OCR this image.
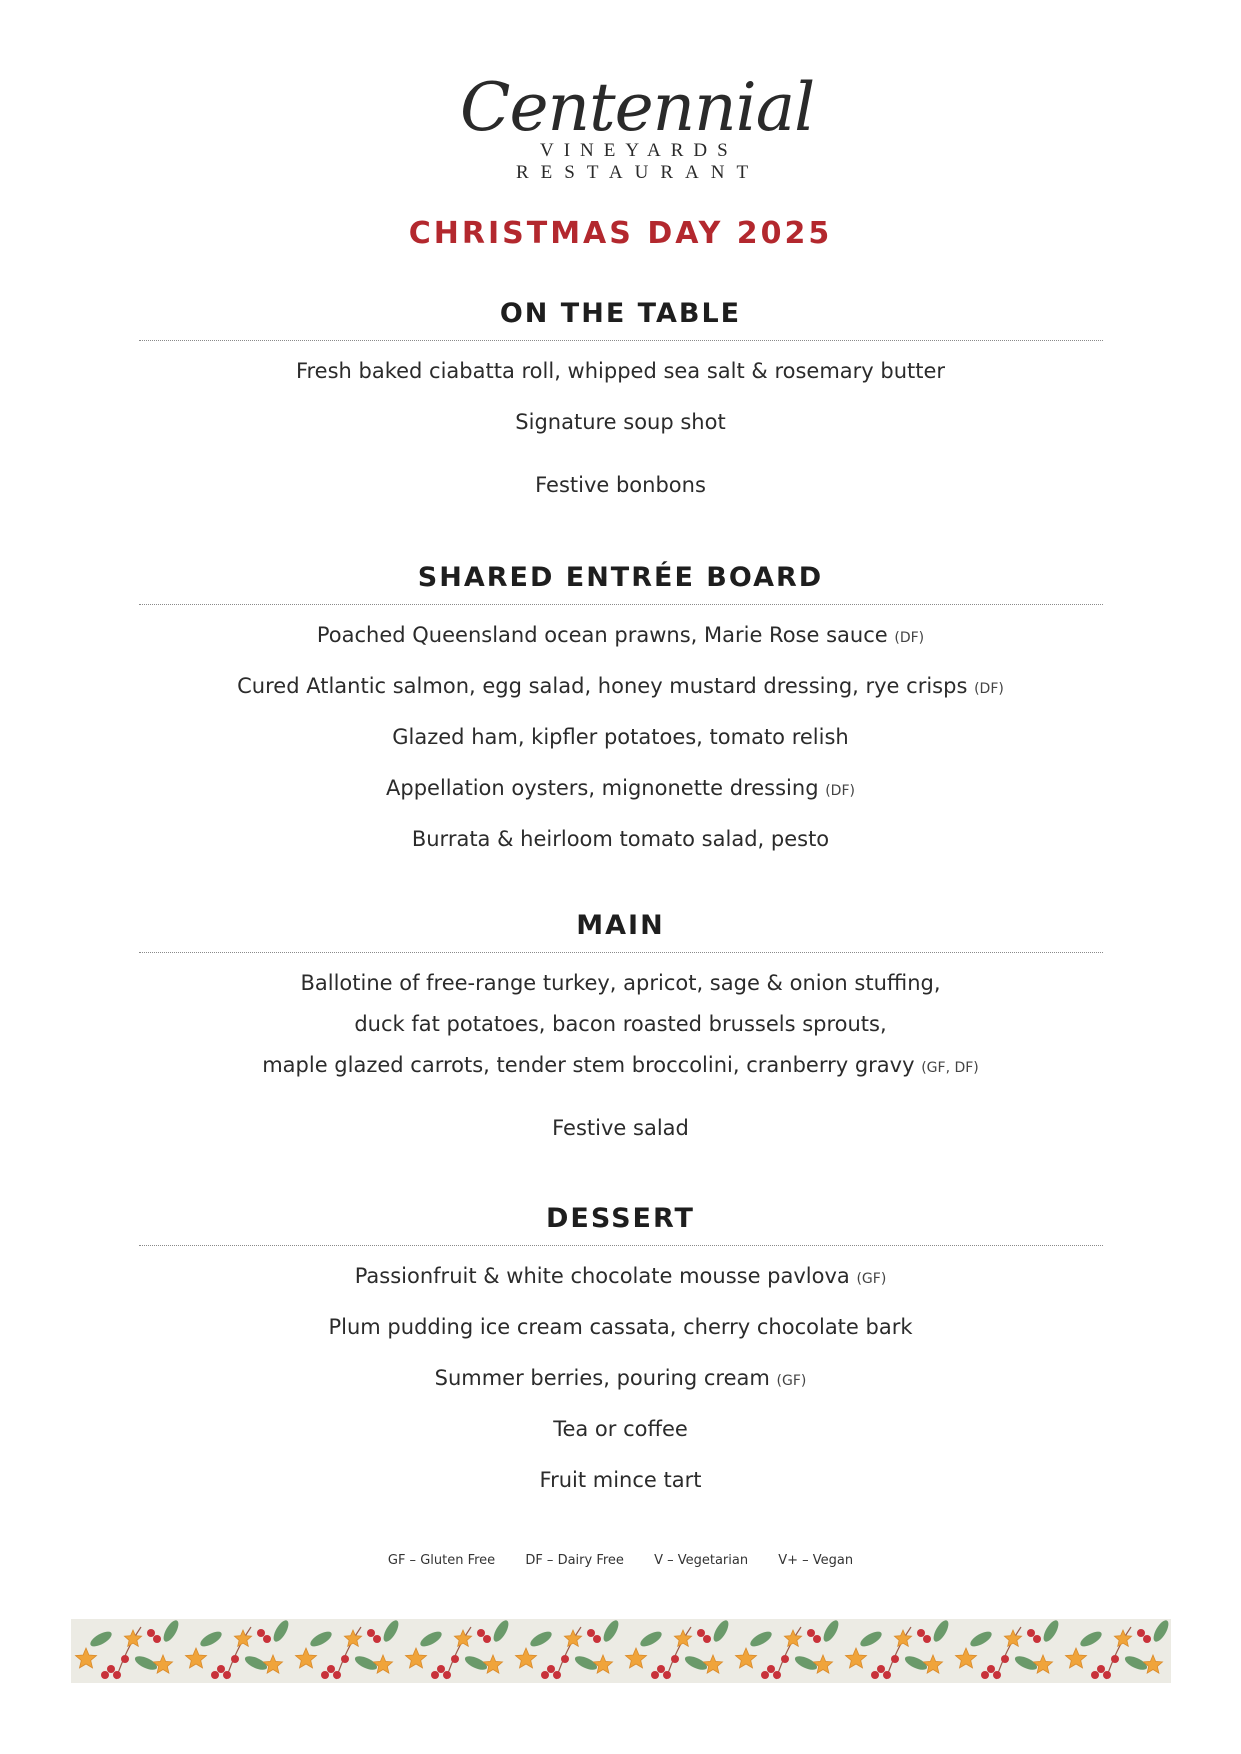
Centennial
VINEYARDS
RESTAURANT
CHRISTMAS DAY 2025
ON THE TABLE
Fresh baked ciabatta roll, whipped sea salt & rosemary butter
Signature soup shot
Festive bonbons
SHARED ENTRÉE BOARD
Poached Queensland ocean prawns, Marie Rose sauce (DF)
Cured Atlantic salmon, egg salad, honey mustard dressing, rye crisps (DF)
Glazed ham, kipfler potatoes, tomato relish
Appellation oysters, mignonette dressing (DF)
Burrata & heirloom tomato salad, pesto
MAIN
Ballotine of free-range turkey, apricot, sage & onion stuffing,
duck fat potatoes, bacon roasted brussels sprouts,
maple glazed carrots, tender stem broccolini, cranberry gravy (GF, DF)
Festive salad
DESSERT
Passionfruit & white chocolate mousse pavlova (GF)
Plum pudding ice cream cassata, cherry chocolate bark
Summer berries, pouring cream (GF)
Tea or coffee
Fruit mince tart
GF – Gluten Free DF – Dairy Free V – Vegetarian V+ – Vegan
